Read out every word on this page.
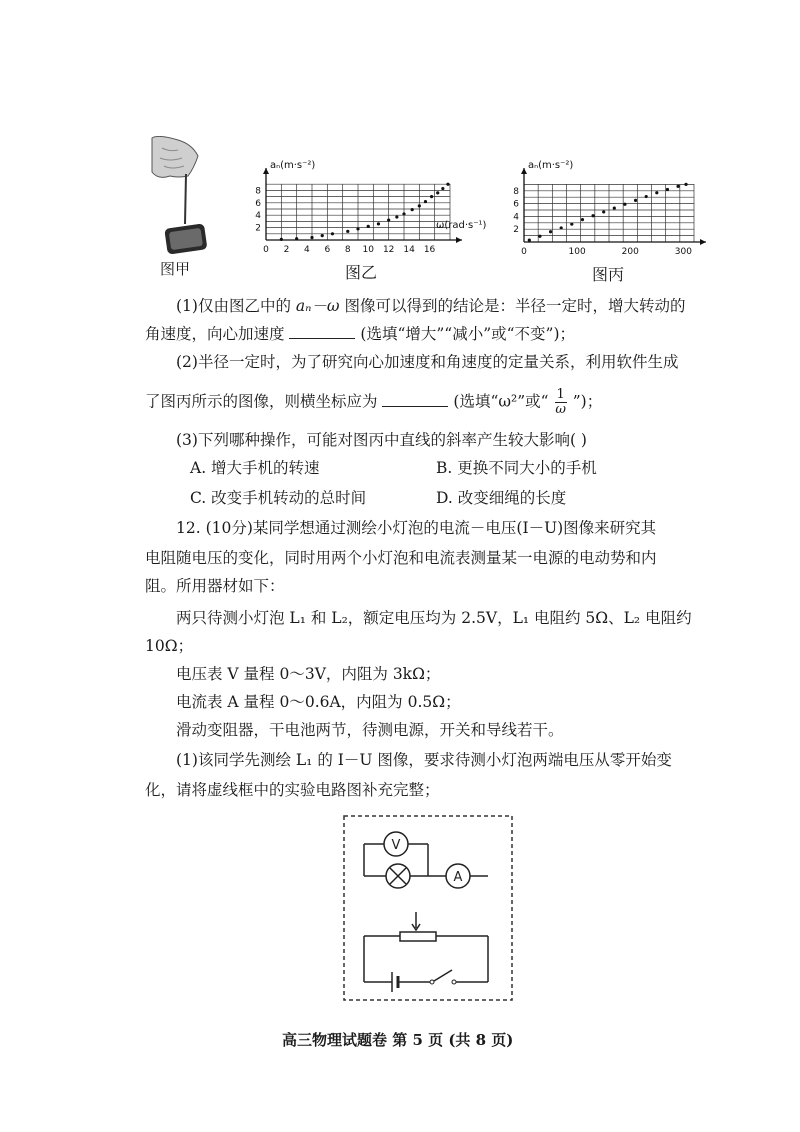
图甲
2
4
6
8
0 2 4 6 8 10 12 14 16
aₙ(m·s⁻²)
ω(rad·s⁻¹)
图乙
2
4
6
8
0	100	200	300
aₙ(m·s⁻²)
图丙
(1)仅由图乙中的 aₙ－ω 图像可以得到的结论是：半径一定时，增大转动的
角速度，向心加速度	(选填“增大”“减小”或“不变”)；
(2)半径一定时，为了研究向心加速度和角速度的定量关系，利用软件生成
了图丙所示的图像，则横坐标应为	(选填“ω²”或“ $\frac{1}{\omega}$ ”)；
(3)下列哪种操作，可能对图丙中直线的斜率产生较大影响( )
A. 增大手机的转速	B. 更换不同大小的手机
C. 改变手机转动的总时间	D. 改变细绳的长度
12. (10分)某同学想通过测绘小灯泡的电流－电压(I－U)图像来研究其
电阻随电压的变化，同时用两个小灯泡和电流表测量某一电源的电动势和内
阻。所用器材如下：
两只待测小灯泡 L₁ 和 L₂，额定电压均为 2.5V，L₁ 电阻约 5Ω、L₂ 电阻约
10Ω；
电压表 V 量程 0～3V，内阻为 3kΩ；
电流表 A 量程 0～0.6A，内阻为 0.5Ω；
滑动变阻器，干电池两节，待测电源，开关和导线若干。
(1)该同学先测绘 L₁ 的 I－U 图像，要求待测小灯泡两端电压从零开始变
化，请将虚线框中的实验电路图补充完整；
V
A
高三物理试题卷 第 5 页 (共 8 页)
